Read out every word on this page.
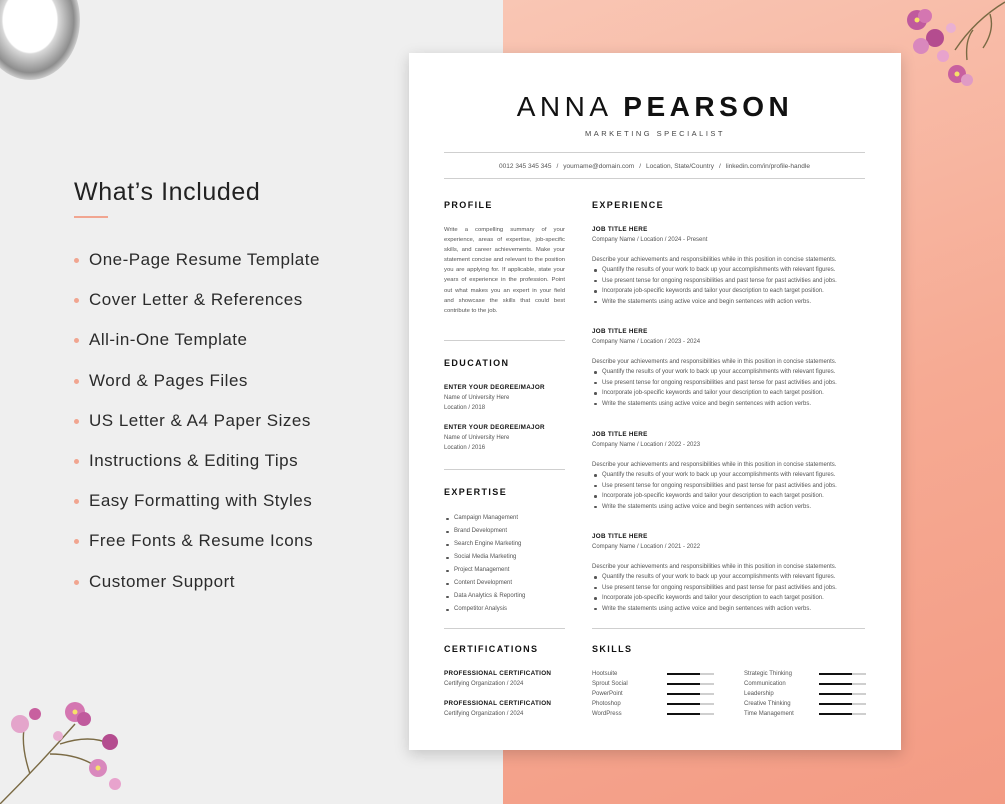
What’s Included
One-Page Resume Template
Cover Letter & References
All-in-One Template
Word & Pages Files
US Letter & A4 Paper Sizes
Instructions & Editing Tips
Easy Formatting with Styles
Free Fonts & Resume Icons
Customer Support
ANNA PEARSON
MARKETING SPECIALIST
0012 345 345 345 / yourname@domain.com / Location, State/Country / linkedin.com/in/profile-handle
PROFILE
Write a compelling summary of your experience, areas of expertise, job-specific skills, and career achievements. Make your statement concise and relevant to the position you are applying for. If applicable, state your years of experience in the profession. Point out what makes you an expert in your field and showcase the skills that could best contribute to the job.
EDUCATION
ENTER YOUR DEGREE/MAJOR
Name of University Here
Location / 2018
ENTER YOUR DEGREE/MAJOR
Name of University Here
Location / 2016
EXPERTISE
Campaign Management
Brand Development
Search Engine Marketing
Social Media Marketing
Project Management
Content Development
Data Analytics & Reporting
Competitor Analysis
EXPERIENCE
JOB TITLE HERE
Company Name / Location / 2024 - Present
Describe your achievements and responsibilities while in this position in concise statements.
Quantify the results of your work to back up your accomplishments with relevant figures.
Use present tense for ongoing responsibilities and past tense for past activities and jobs.
Incorporate job-specific keywords and tailor your description to each target position.
Write the statements using active voice and begin sentences with action verbs.
JOB TITLE HERE
Company Name / Location / 2023 - 2024
Describe your achievements and responsibilities while in this position in concise statements.
Quantify the results of your work to back up your accomplishments with relevant figures.
Use present tense for ongoing responsibilities and past tense for past activities and jobs.
Incorporate job-specific keywords and tailor your description to each target position.
Write the statements using active voice and begin sentences with action verbs.
JOB TITLE HERE
Company Name / Location / 2022 - 2023
Describe your achievements and responsibilities while in this position in concise statements.
Quantify the results of your work to back up your accomplishments with relevant figures.
Use present tense for ongoing responsibilities and past tense for past activities and jobs.
Incorporate job-specific keywords and tailor your description to each target position.
Write the statements using active voice and begin sentences with action verbs.
JOB TITLE HERE
Company Name / Location / 2021 - 2022
Describe your achievements and responsibilities while in this position in concise statements.
Quantify the results of your work to back up your accomplishments with relevant figures.
Use present tense for ongoing responsibilities and past tense for past activities and jobs.
Incorporate job-specific keywords and tailor your description to each target position.
Write the statements using active voice and begin sentences with action verbs.
CERTIFICATIONS
PROFESSIONAL CERTIFICATION
Certifying Organization / 2024
PROFESSIONAL CERTIFICATION
Certifying Organization / 2024
SKILLS
Hootsuite
Sprout Social
PowerPoint
Photoshop
WordPress
Strategic Thinking
Communication
Leadership
Creative Thinking
Time Management
